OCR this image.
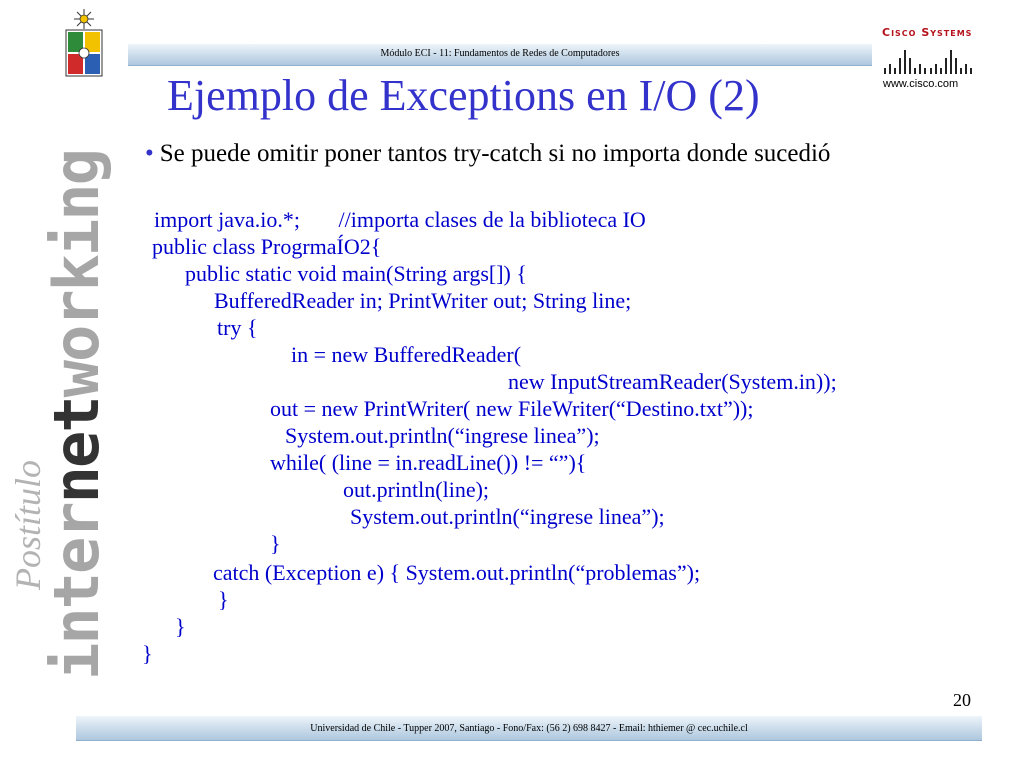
Postítulo
internetworking
Módulo ECI - 11: Fundamentos de Redes de Computadores
Cisco Systems
www.cisco.com
Ejemplo de Exceptions en I/O (2)
• Se puede omitir poner tantos try-catch si no importa donde sucedió
import java.io.*;       //importa clases de la biblioteca IO
public class ProgrmaÍO2{
public static void main(String args[]) {
BufferedReader in; PrintWriter out; String line;
try {
in = new BufferedReader(
new InputStreamReader(System.in));
out = new PrintWriter( new FileWriter(“Destino.txt”));
System.out.println(“ingrese linea”);
while( (line = in.readLine()) != “”){
out.println(line);
System.out.println(“ingrese linea”);
}
catch (Exception e) { System.out.println(“problemas”);
}
}
}
20
Universidad de Chile - Tupper 2007, Santiago - Fono/Fax: (56 2) 698 8427 - Email: hthiemer @ cec.uchile.cl
